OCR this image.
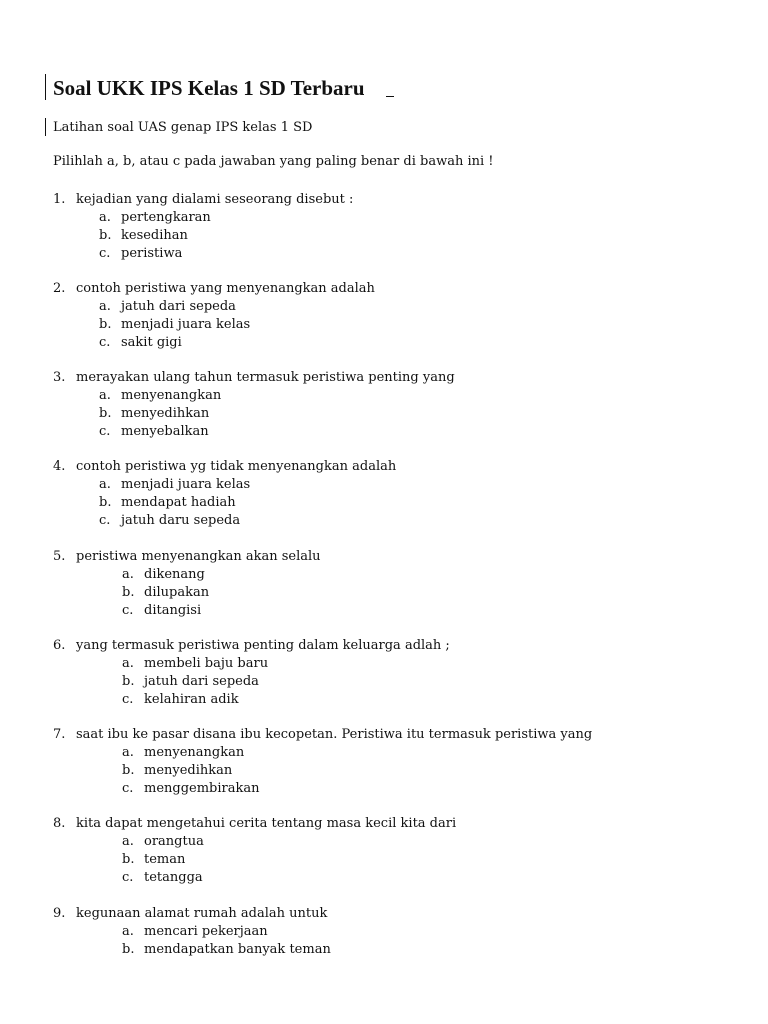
Soal UKK IPS Kelas 1 SD Terbaru
Latihan soal UAS genap IPS kelas 1 SD
Pilihlah a, b, atau c pada jawaban yang paling benar di bawah ini !
1. kejadian yang dialami seseorang disebut :
a. pertengkaran
b. kesedihan
c. peristiwa
2. contoh peristiwa yang menyenangkan adalah
a. jatuh dari sepeda
b. menjadi juara kelas
c. sakit gigi
3. merayakan ulang tahun termasuk peristiwa penting yang
a. menyenangkan
b. menyedihkan
c. menyebalkan
4. contoh peristiwa yg tidak menyenangkan adalah
a. menjadi juara kelas
b. mendapat hadiah
c. jatuh daru sepeda
5. peristiwa menyenangkan akan selalu
a. dikenang
b. dilupakan
c. ditangisi
6. yang termasuk peristiwa penting dalam keluarga adlah ;
a. membeli baju baru
b. jatuh dari sepeda
c. kelahiran adik
7. saat ibu ke pasar disana ibu kecopetan. Peristiwa itu termasuk peristiwa yang
a. menyenangkan
b. menyedihkan
c. menggembirakan
8. kita dapat mengetahui cerita tentang masa kecil kita dari
a. orangtua
b. teman
c. tetangga
9. kegunaan alamat rumah adalah untuk
a. mencari pekerjaan
b. mendapatkan banyak teman
